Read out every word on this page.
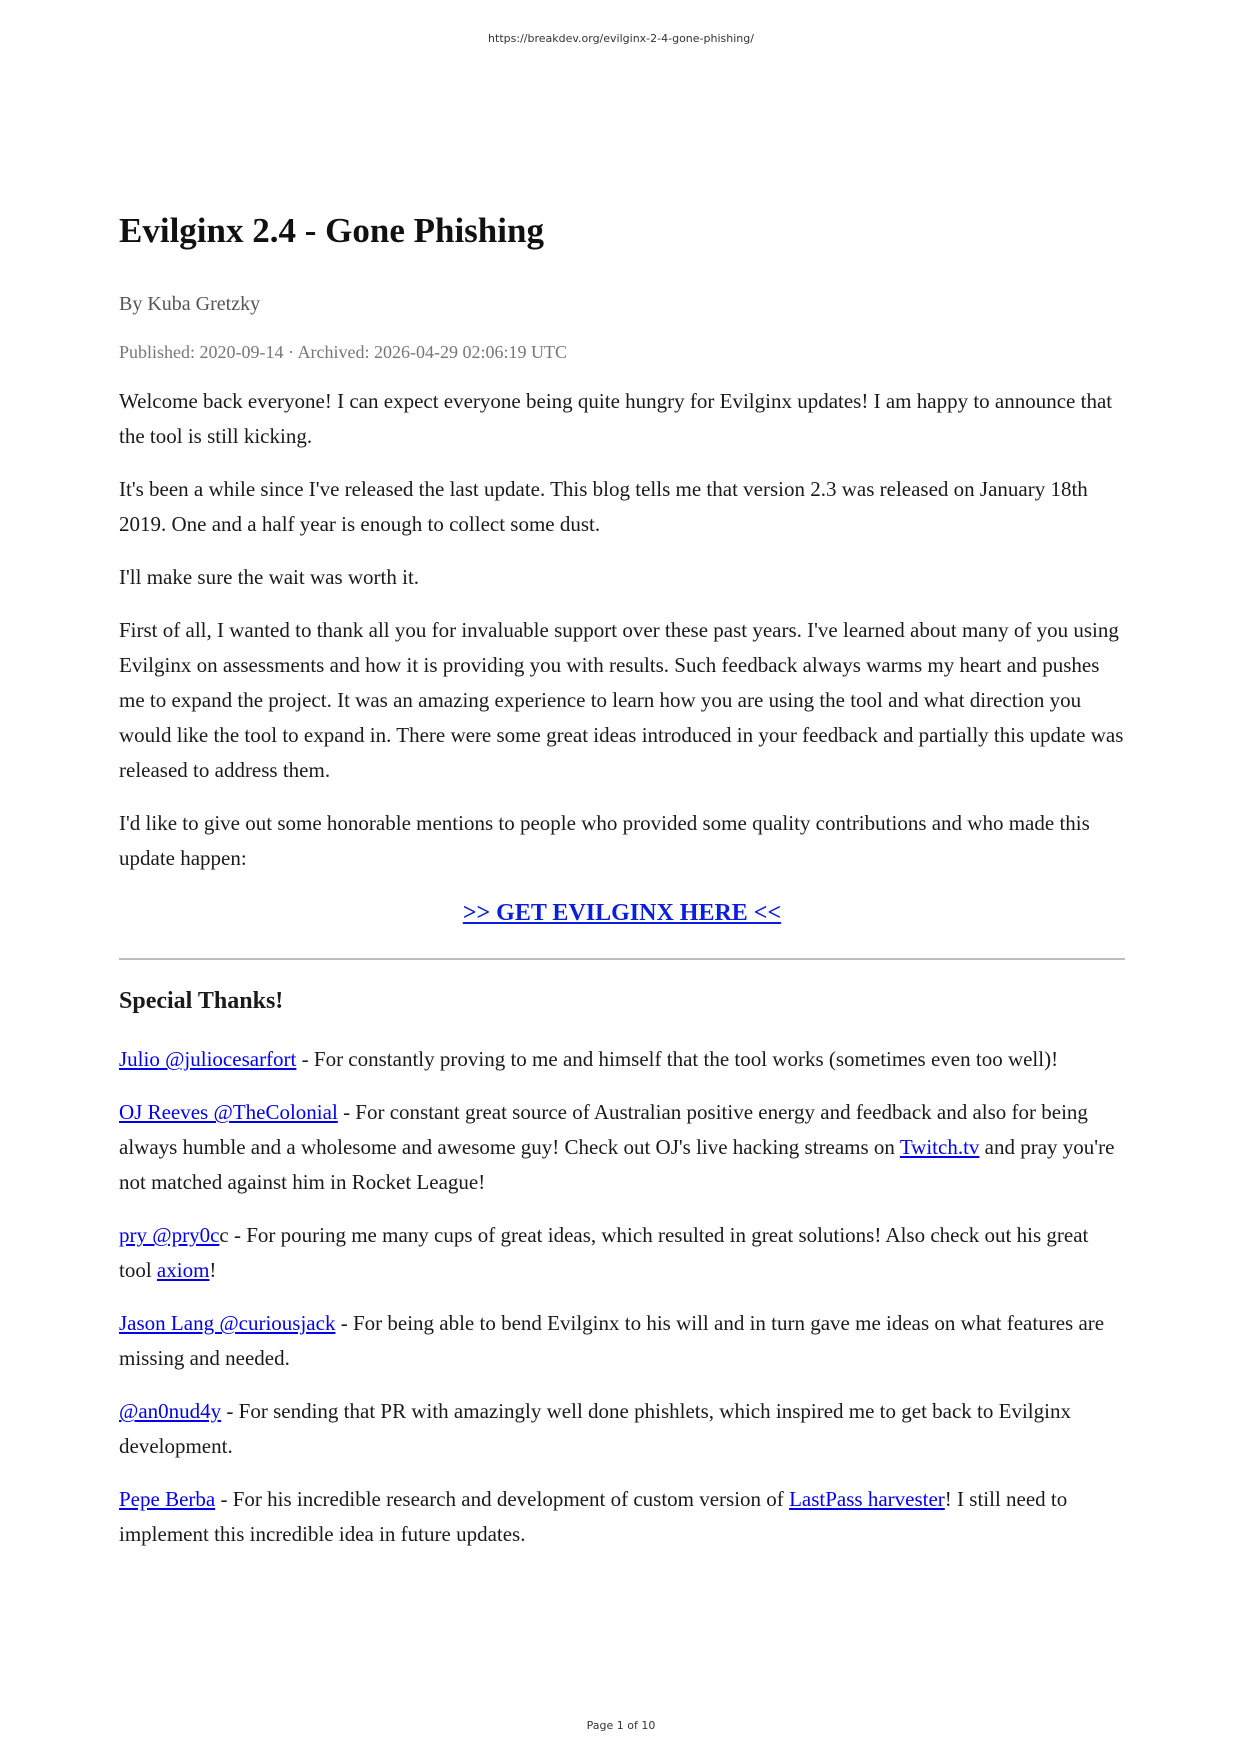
https://breakdev.org/evilginx-2-4-gone-phishing/
Evilginx 2.4 - Gone Phishing
By Kuba Gretzky
Published: 2020-09-14 · Archived: 2026-04-29 02:06:19 UTC

Welcome back everyone! I can expect everyone being quite hungry for Evilginx updates! I am happy to announce that the tool is still kicking.

It's been a while since I've released the last update. This blog tells me that version 2.3 was released on January 18th 2019. One and a half year is enough to collect some dust.

I'll make sure the wait was worth it.

First of all, I wanted to thank all you for invaluable support over these past years. I've learned about many of you using Evilginx on assessments and how it is providing you with results. Such feedback always warms my heart and pushes me to expand the project. It was an amazing experience to learn how you are using the tool and what direction you would like the tool to expand in. There were some great ideas introduced in your feedback and partially this update was released to address them.

I'd like to give out some honorable mentions to people who provided some quality contributions and who made this update happen:

>> GET EVILGINX HERE <<
Special Thanks!

Julio @juliocesarfort - For constantly proving to me and himself that the tool works (sometimes even too well)!

OJ Reeves @TheColonial - For constant great source of Australian positive energy and feedback and also for being always humble and a wholesome and awesome guy! Check out OJ's live hacking streams on Twitch.tv and pray you're not matched against him in Rocket League!

pry @pry0cc - For pouring me many cups of great ideas, which resulted in great solutions! Also check out his great tool axiom!

Jason Lang @curiousjack - For being able to bend Evilginx to his will and in turn gave me ideas on what features are missing and needed.

@an0nud4y - For sending that PR with amazingly well done phishlets, which inspired me to get back to Evilginx development.

Pepe Berba - For his incredible research and development of custom version of LastPass harvester! I still need to implement this incredible idea in future updates.

Page 1 of 10
